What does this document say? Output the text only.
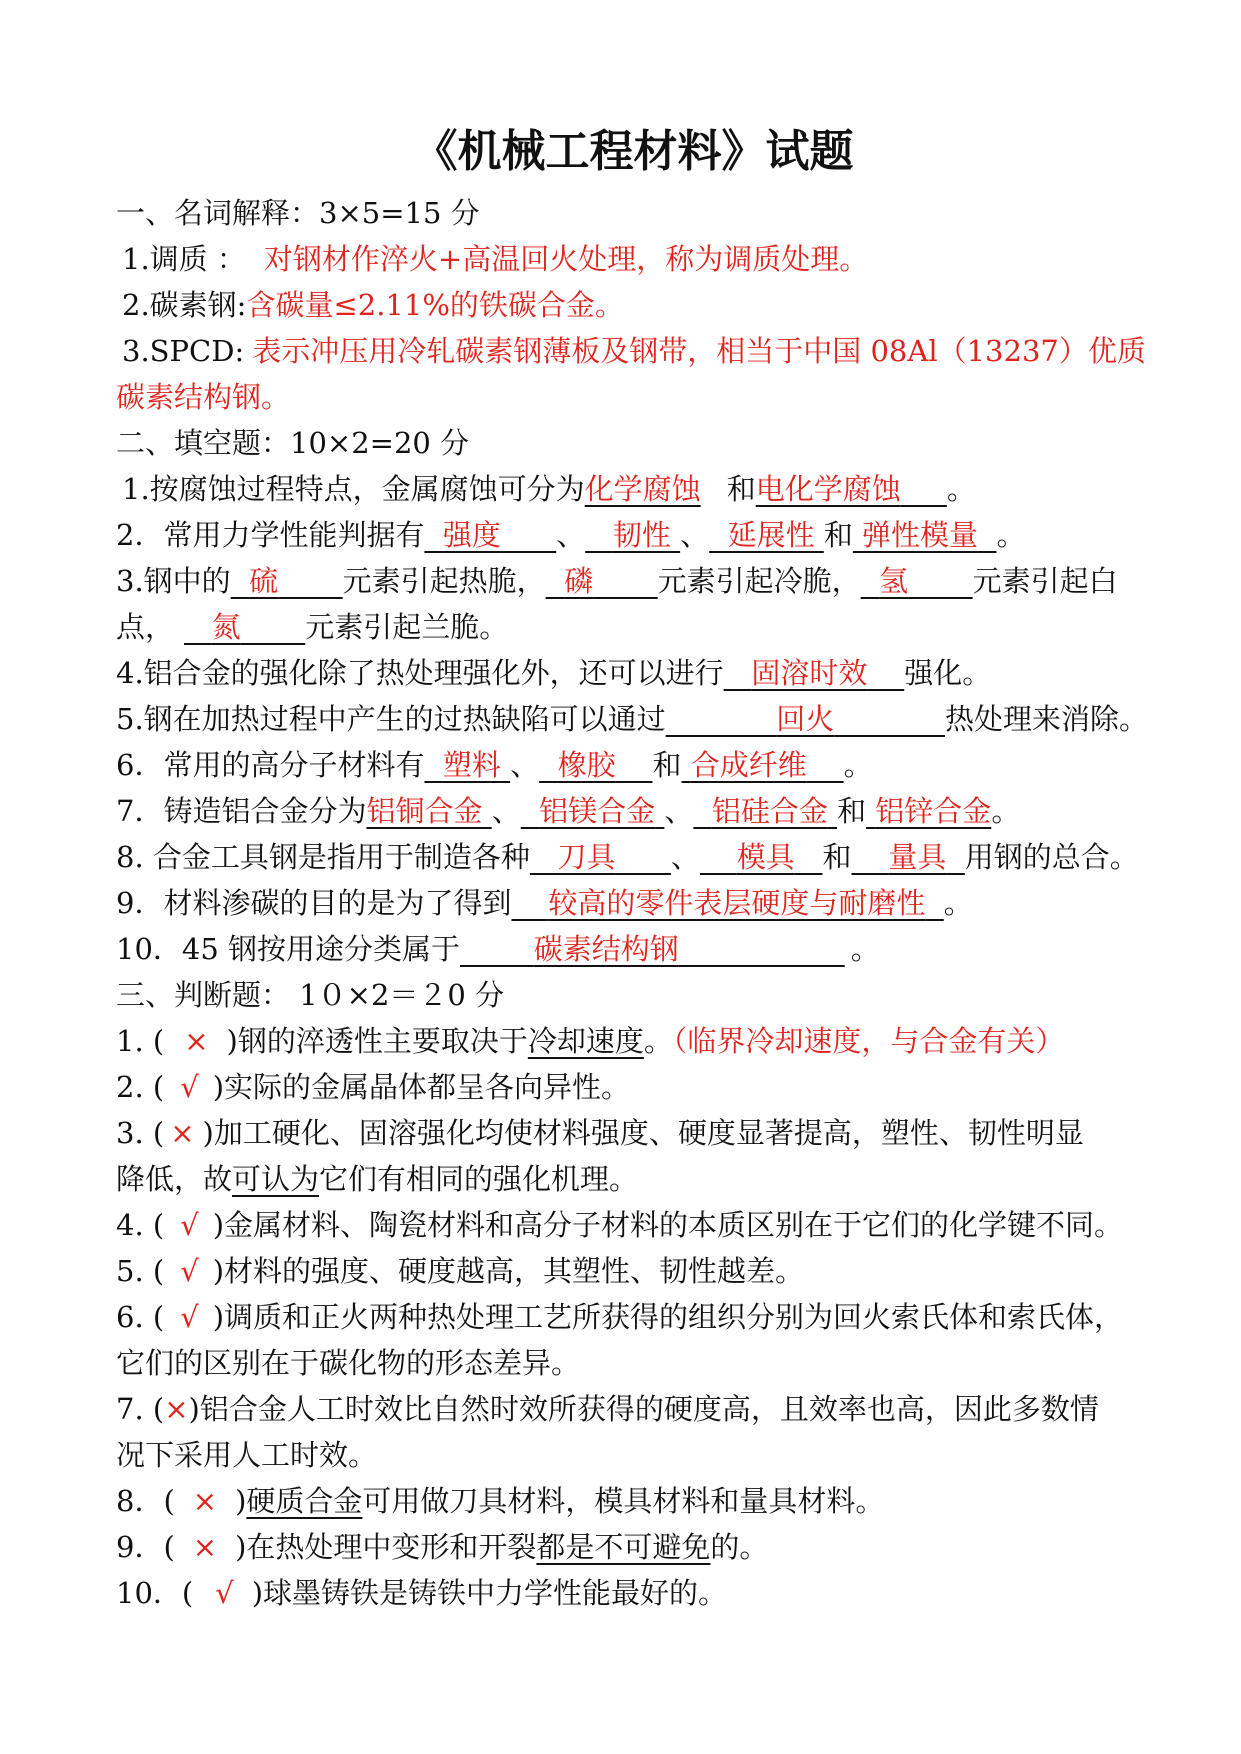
《机械工程材料》试题
一、名词解释：3×5=15 分
1.调质 ： 对钢材作淬火+高温回火处理，称为调质处理。
2.碳素钢:含碳量≤2.11%的铁碳合金。
3.SPCD: 表示冲压用冷轧碳素钢薄板及钢带，相当于中国 08Al（13237）优质
碳素结构钢。
二、填空题：10×2=20 分
1.按腐蚀过程特点，金属腐蚀可分为化学腐蚀 和电化学腐蚀 。
2．常用力学性能判据有 强度 、 韧性 、 延展性 和 弹性模量 。
3.钢中的 硫 元素引起热脆， 磷 元素引起冷脆， 氢 元素引起白
点， 氮 元素引起兰脆。
4.铝合金的强化除了热处理强化外，还可以进行 固溶时效 强化。
5.钢在加热过程中产生的过热缺陷可以通过	回火	热处理来消除。
6．常用的高分子材料有 塑料 、 橡胶 和 合成纤维 。
7．铸造铝合金分为铝铜合金 、 铝镁合金 、 铝硅合金 和 铝锌合金。
8. 合金工具钢是指用于制造各种 刀具 、 模具 和 量具 用钢的总合。
9．材料渗碳的目的是为了得到 较高的零件表层硬度与耐磨性 。
10．45 钢按用途分类属于	碳素结构钢	。
三、判断题： 1０×2＝２0 分
1. ( × )钢的淬透性主要取决于冷却速度。（临界冷却速度，与合金有关）
2. ( √ )实际的金属晶体都呈各向异性。
3. ( × )加工硬化、固溶强化均使材料强度、硬度显著提高，塑性、韧性明显
降低，故可认为它们有相同的强化机理。
4. ( √ )金属材料、陶瓷材料和高分子材料的本质区别在于它们的化学键不同。
5. ( √ )材料的强度、硬度越高，其塑性、韧性越差。
6. ( √ )调质和正火两种热处理工艺所获得的组织分别为回火索氏体和索氏体，
它们的区别在于碳化物的形态差异。
7. (×)铝合金人工时效比自然时效所获得的硬度高，且效率也高，因此多数情
况下采用人工时效。
8．( × )硬质合金可用做刀具材料，模具材料和量具材料。
9．( × )在热处理中变形和开裂都是不可避免的。
10．( √ )球墨铸铁是铸铁中力学性能最好的。
